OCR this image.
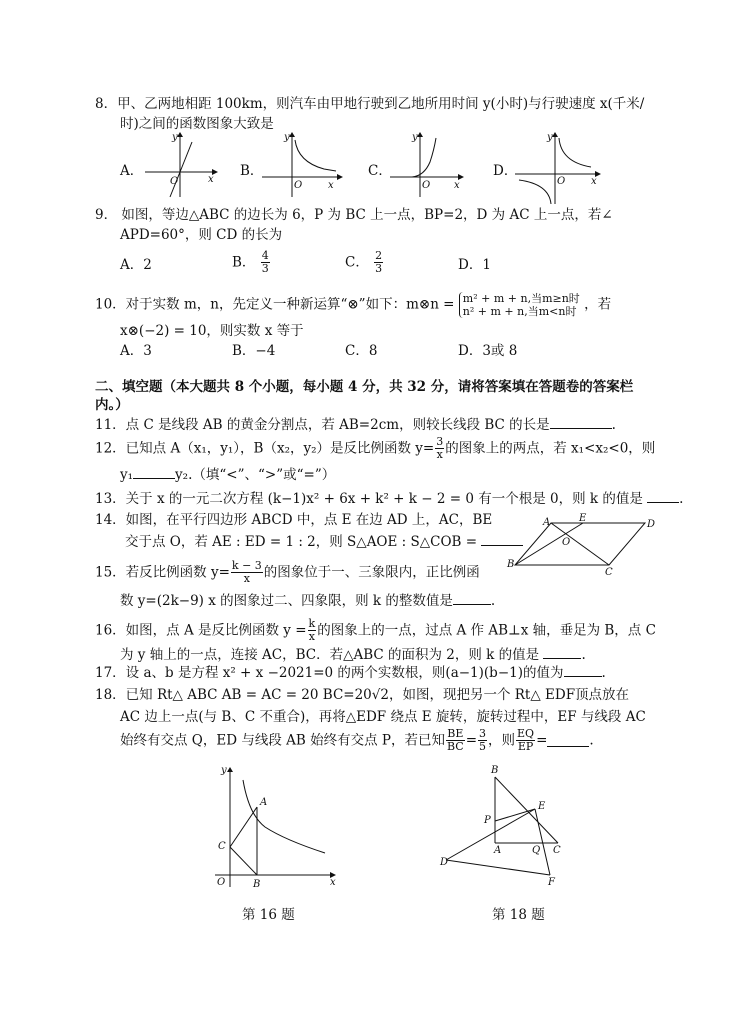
8．甲、乙两地相距 100km，则汽车由甲地行驶到乙地所用时间 y(小时)与行驶速度 x(千米/
时)之间的函数图象大致是
A．
y
O	x
B．
y
O	x
C．
y
O x
D．
y
O	x
9． 如图，等边△ABC 的边长为 6，P 为 BC 上一点，BP=2，D 为 AC 上一点，若∠
APD=60°，则 CD 的长为
A．2	B． $\frac{4}{3}$	C． $\frac{2}{3}$	D．1
10．对于实数 m，n，先定义一种新运算“⊗”如下：m⊗n = m² + m + n,当m≥n时
n² + m + n,当m<n时 ，若
x⊗(−2) = 10，则实数 x 等于
A．3	B．−4	C．8	D．3或 8
二、填空题（本大题共 8 个小题，每小题 4 分，共 32 分，请将答案填在答题卷的答案栏
内。）
11．点 C 是线段 AB 的黄金分割点，若 AB=2cm，则较长线段 BC 的长是	.
12．已知点 A（x₁，y₁），B（x₂，y₂）是反比例函数 $y= \frac{3}{x}$ 的图象上的两点，若 x₁<x₂<0，则
y₁	y₂.（填“<”、“>”或“=”）
13．关于 x 的一元二次方程 (k−1)x² + 6x + k² + k − 2 = 0 有一个根是 0，则 k 的值是	.
14．如图，在平行四边形 ABCD 中，点 E 在边 AD 上，AC，BE
交于点 O，若 AE : ED = 1 : 2，则 S△AOE : S△COB =
A	E
D
O
B
C
15．若反比例函数 $y= \frac{k - 3}{x}$ 的图象位于一、三象限内，正比例函
数 y=(2k−9) x 的图象过二、四象限，则 k 的整数值是	.
16．如图，点 A 是反比例函数 $y = \frac{k}{x}$ 的图象上的一点，过点 A 作 AB⊥x 轴，垂足为 B，点 C
为 y 轴上的一点，连接 AC，BC．若△ABC 的面积为 2，则 k 的值是	.
17．设 a、b 是方程 x² + x −2021=0 的两个实数根，则(a−1)(b−1)的值为	.
18．已知 Rt△ ABC AB = AC = 20 BC=20√2，如图，现把另一个 Rt△ EDF顶点放在
AC 边上一点(与 B、C 不重合)，再将△EDF 绕点 E 旋转，旋转过程中，EF 与线段 AC
始终有交点 Q，ED 与线段 AB 始终有交点 P，若已知 $\frac{BE}{BC} = \frac{3}{5}$ ，则 $\frac{EQ}{EP}$ =	.
y
x
O
A
B
C
第 16 题
B
E
P
A	Q C
D
F
第 18 题
